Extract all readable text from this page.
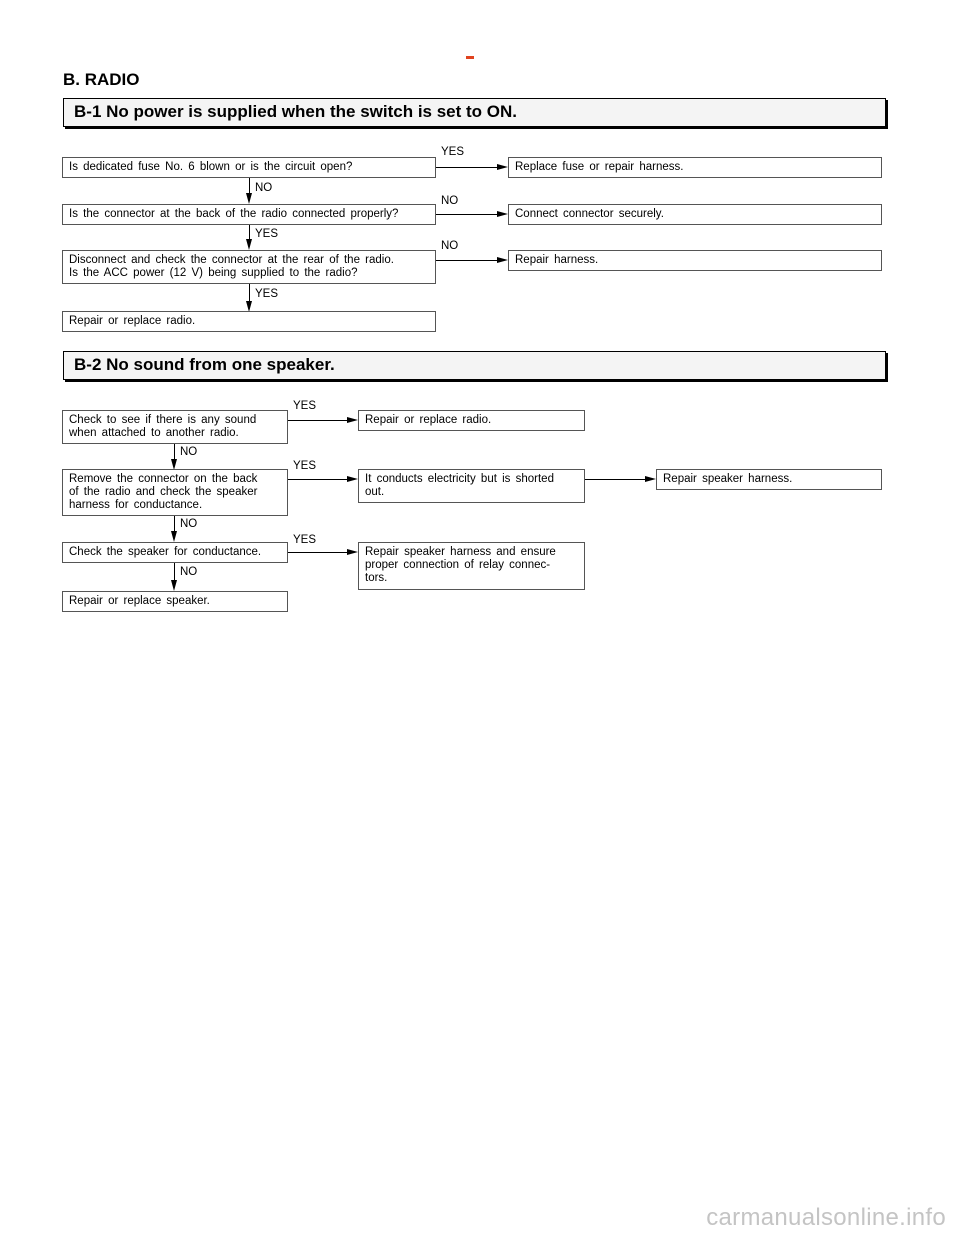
B. RADIO
B-1 No power is supplied when the switch is set to ON.
Is dedicated fuse No. 6 blown or is the circuit open?	Replace fuse or repair harness.
YES
NO
Is the connector at the back of the radio connected properly?	Connect connector securely.
NO
YES
Disconnect and check the connector at the rear of the radio.
Is the ACC power (12 V) being supplied to the radio?
Repair harness.
NO
YES
Repair or replace radio.
B-2 No sound from one speaker.
Check to see if there is any sound
when attached to another radio.
Repair or replace radio.
YES
NO
Remove the connector on the back
of the radio and check the speaker
harness for conductance.
It conducts electricity but is shorted
out.
YES
Repair speaker harness.
NO
Check the speaker for conductance.	Repair speaker harness and ensure
proper connection of relay connec-
tors.
YES
NO
Repair or replace speaker.
carmanualsonline.info
